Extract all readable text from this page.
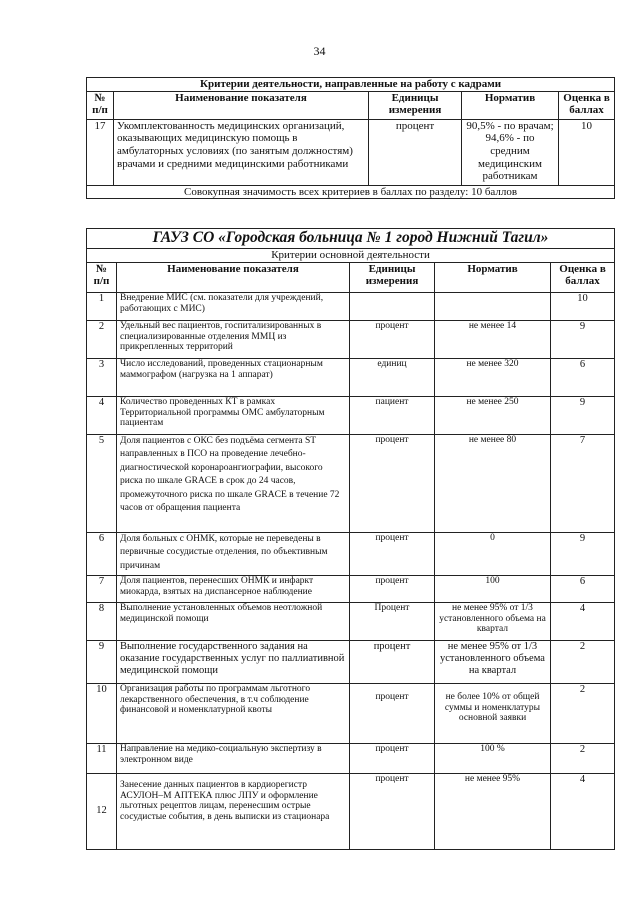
34
Критерии деятельности, направленные на работу с кадрами				
№ п/п	Наименование показателя	Единицы измерения	Норматив	Оценка в баллах
17	Укомплектованность медицинских организаций, оказывающих медицинскую помощь в амбулаторных условиях (по занятым должностям) врачами и средними медицинскими работниками	процент	90,5% - по врачам; 94,6% - по средним медицинским работникам	10
Совокупная значимость всех критериев в баллах по разделу: 10 баллов				
ГАУЗ СО «Городская больница № 1 город Нижний Тагил»				
Критерии основной деятельности				
№ п/п	Наименование показателя	Единицы измерения	Норматив	Оценка в баллах
1	Внедрение МИС (см. показатели для учреждений, работающих с МИС)			10
2	Удельный вес пациентов, госпитализированных в специализированные отделения ММЦ из прикрепленных территорий	процент	не менее 14	9
3	Число исследований, проведенных стационарным маммографом (нагрузка на 1 аппарат)	единиц	не менее 320	6
4	Количество проведенных КТ в рамках Территориальной программы ОМС амбулаторным пациентам	пациент	не менее 250	9
5	Доля пациентов с ОКС без подъёма сегмента ST направленных в ПСО на проведение лечебно-диагностической коронароангиографии, высокого риска по шкале GRACE в срок до 24 часов, промежуточного риска по шкале GRACE в течение 72 часов от обращения пациента	процент	не менее 80	7
6	Доля больных с ОНМК, которые не переведены в первичные сосудистые отделения, по объективным причинам	процент	0	9
7	Доля пациентов, перенесших ОНМК и инфаркт миокарда, взятых на диспансерное наблюдение	процент	100	6
8	Выполнение установленных объемов неотложной медицинской помощи	Процент	не менее 95% от 1/3 установленного объема на квартал	4
9	Выполнение государственного задания на оказание государственных услуг по паллиативной медицинской помощи	процент	не менее 95% от 1/3 установленного объема на квартал	2
10	Организация работы по программам льготного лекарственного обеспечения, в т.ч соблюдение финансовой и номенклатурной квоты	процент	не более 10% от общей суммы и номенклатуры основной заявки	2
11	Направление на медико-социальную экспертизу в электронном виде	процент	100 %	2
12	Занесение данных пациентов в кардиорегистр АСУЛОН–М АПТЕКА плюс ЛПУ и оформление льготных рецептов лицам, перенесшим острые сосудистые события, в день выписки из стационара	процент	не менее 95%	4
